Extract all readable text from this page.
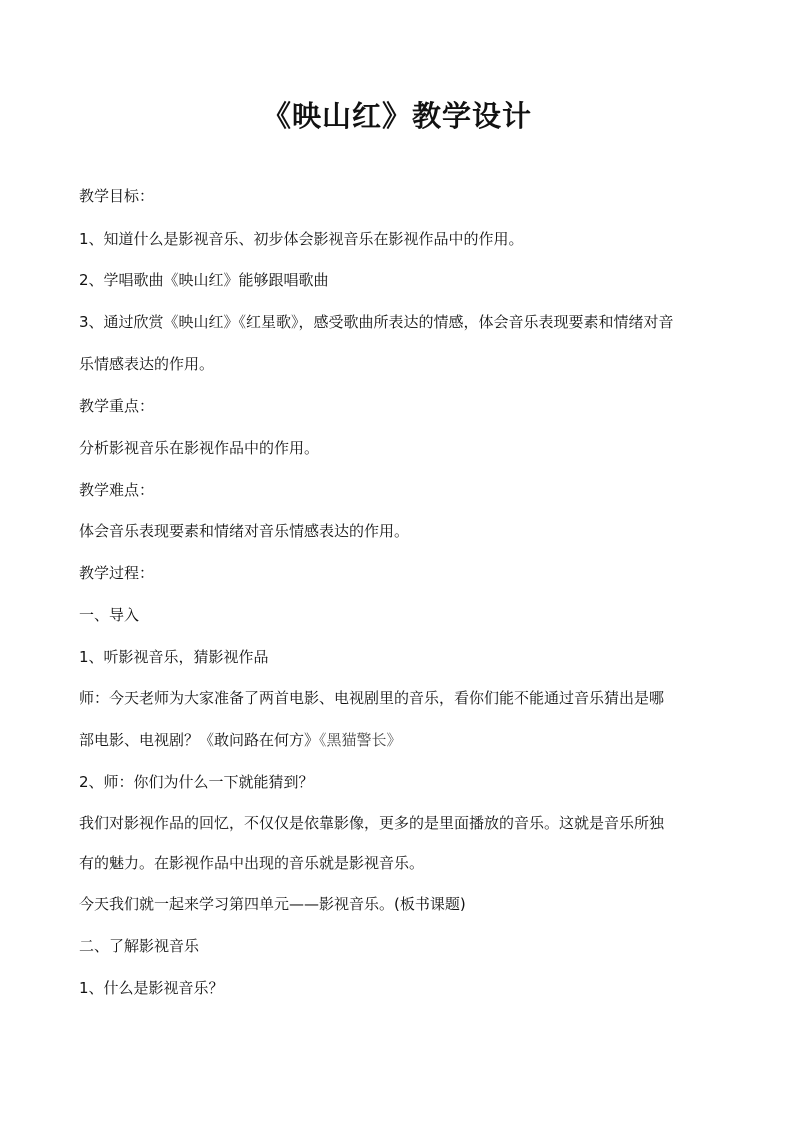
《映山红》教学设计

教学目标：

1、知道什么是影视音乐、初步体会影视音乐在影视作品中的作用。

2、学唱歌曲《映山红》能够跟唱歌曲

3、通过欣赏《映山红》《红星歌》，感受歌曲所表达的情感，体会音乐表现要素和情绪对音

乐情感表达的作用。

教学重点：

分析影视音乐在影视作品中的作用。

教学难点：

体会音乐表现要素和情绪对音乐情感表达的作用。

教学过程：

一、导入

1、听影视音乐，猜影视作品

师：今天老师为大家准备了两首电影、电视剧里的音乐，看你们能不能通过音乐猜出是哪

部电影、电视剧？《敢问路在何方》《黑猫警长》

2、师：你们为什么一下就能猜到？

我们对影视作品的回忆，不仅仅是依靠影像，更多的是里面播放的音乐。这就是音乐所独

有的魅力。在影视作品中出现的音乐就是影视音乐。

今天我们就一起来学习第四单元——影视音乐。(板书课题)

二、了解影视音乐

1、什么是影视音乐？
